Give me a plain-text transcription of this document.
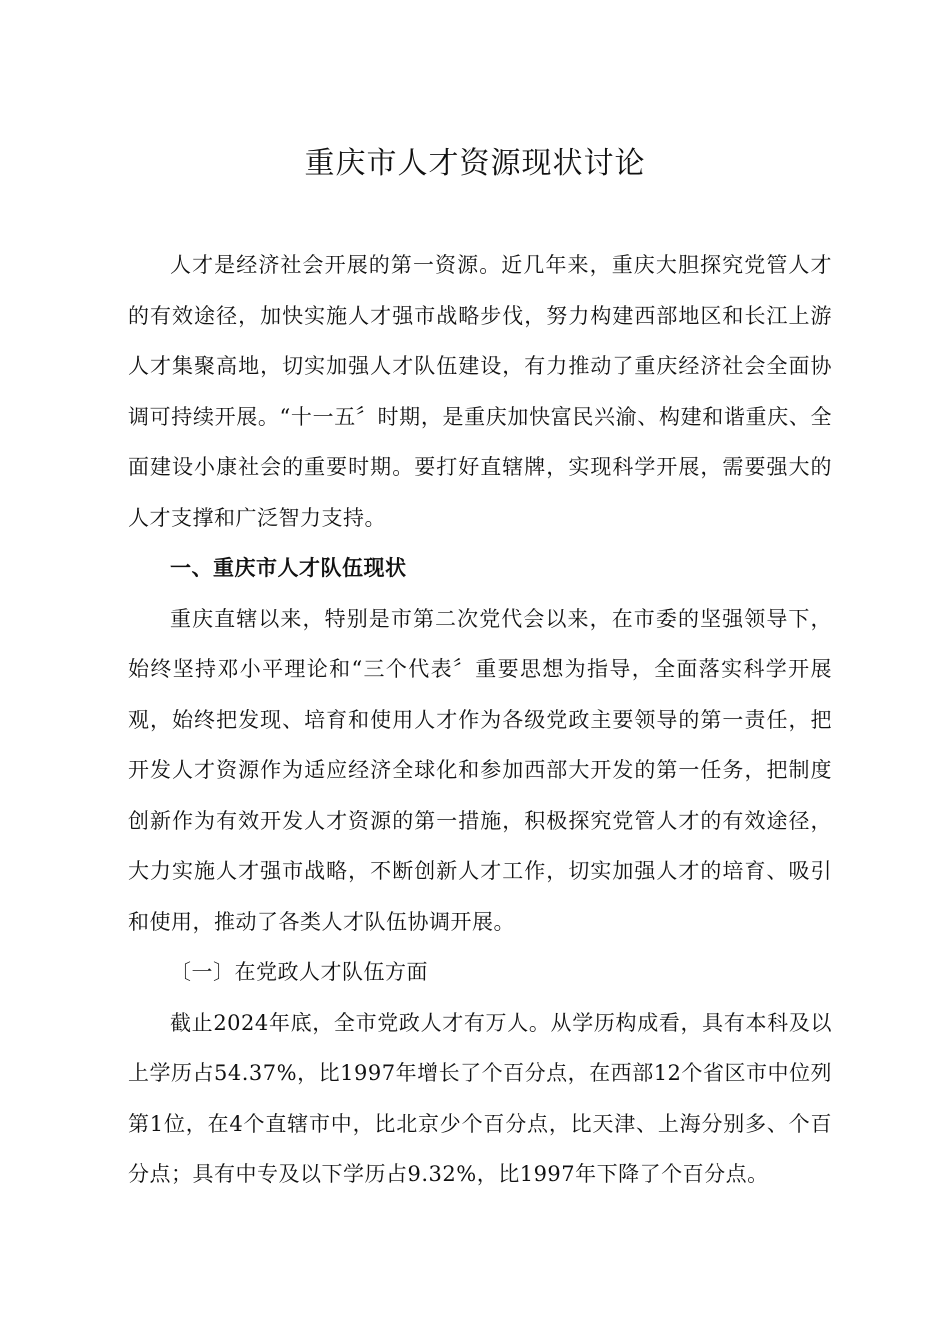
重庆市人才资源现状讨论

人才是经济社会开展的第一资源。近几年来，重庆大胆探究党管人才的有效途径，加快实施人才强市战略步伐，努力构建西部地区和长江上游人才集聚高地，切实加强人才队伍建设，有力推动了重庆经济社会全面协调可持续开展。“十一五〞时期，是重庆加快富民兴渝、构建和谐重庆、全面建设小康社会的重要时期。要打好直辖牌，实现科学开展，需要强大的人才支撑和广泛智力支持。

一、重庆市人才队伍现状

重庆直辖以来，特别是市第二次党代会以来，在市委的坚强领导下，始终坚持邓小平理论和“三个代表〞重要思想为指导，全面落实科学开展观，始终把发现、培育和使用人才作为各级党政主要领导的第一责任，把开发人才资源作为适应经济全球化和参加西部大开发的第一任务，把制度创新作为有效开发人才资源的第一措施，积极探究党管人才的有效途径，大力实施人才强市战略，不断创新人才工作，切实加强人才的培育、吸引和使用，推动了各类人才队伍协调开展。

〔一〕在党政人才队伍方面

截止2024年底，全市党政人才有万人。从学历构成看，具有本科及以上学历占54.37%，比1997年增长了个百分点，在西部12个省区市中位列第1位，在4个直辖市中，比北京少个百分点，比天津、上海分别多、个百分点；具有中专及以下学历占9.32%，比1997年下降了个百分点。
